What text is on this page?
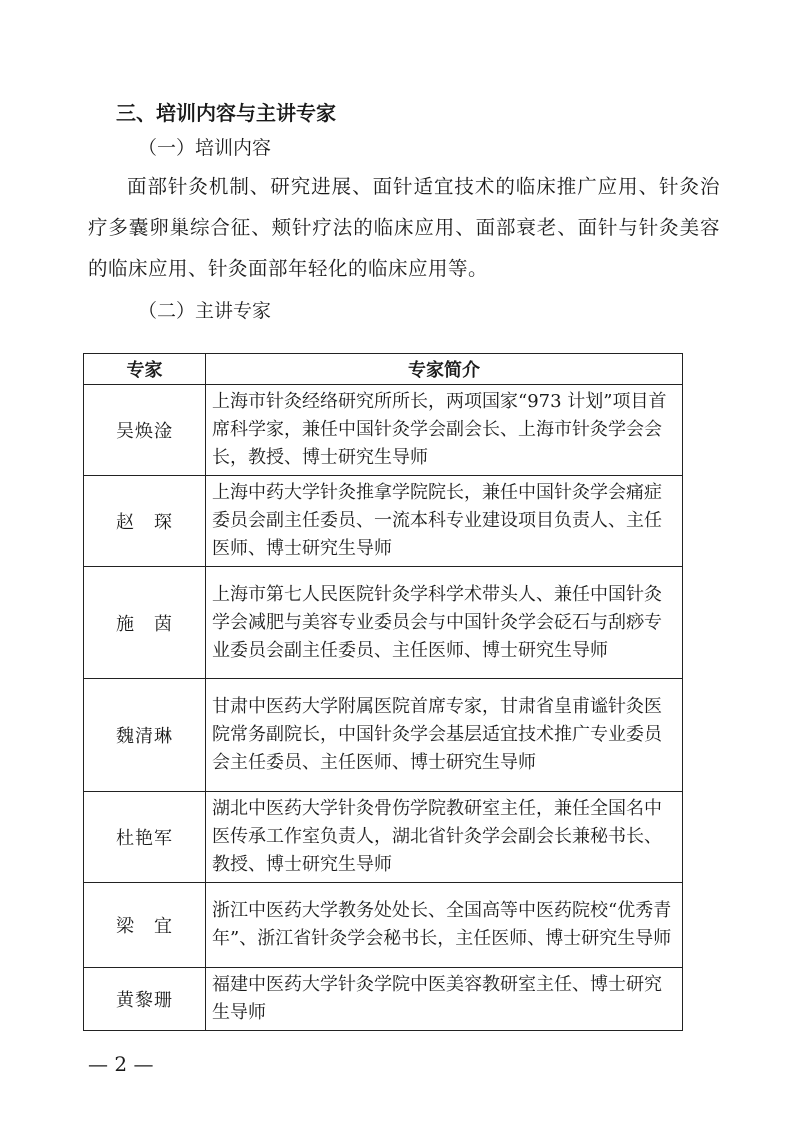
三、培训内容与主讲专家
（一）培训内容
面部针灸机制、研究进展、面针适宜技术的临床推广应用、针灸治疗多囊卵巢综合征、颊针疗法的临床应用、面部衰老、面针与针灸美容的临床应用、针灸面部年轻化的临床应用等。
（二）主讲专家
专家	专家简介
吴焕淦	上海市针灸经络研究所所长，两项国家“973 计划”项目首席科学家，兼任中国针灸学会副会长、上海市针灸学会会长，教授、博士研究生导师
赵　琛	上海中药大学针灸推拿学院院长，兼任中国针灸学会痛症委员会副主任委员、一流本科专业建设项目负责人、主任医师、博士研究生导师
施　茵	上海市第七人民医院针灸学科学术带头人、兼任中国针灸学会减肥与美容专业委员会与中国针灸学会砭石与刮痧专业委员会副主任委员、主任医师、博士研究生导师
魏清琳	甘肃中医药大学附属医院首席专家，甘肃省皇甫谧针灸医院常务副院长，中国针灸学会基层适宜技术推广专业委员会主任委员、主任医师、博士研究生导师
杜艳军	湖北中医药大学针灸骨伤学院教研室主任，兼任全国名中医传承工作室负责人，湖北省针灸学会副会长兼秘书长、教授、博士研究生导师
梁　宜	浙江中医药大学教务处处长、全国高等中医药院校“优秀青年”、浙江省针灸学会秘书长，主任医师、博士研究生导师
黄黎珊	福建中医药大学针灸学院中医美容教研室主任、博士研究生导师
— 2 —
